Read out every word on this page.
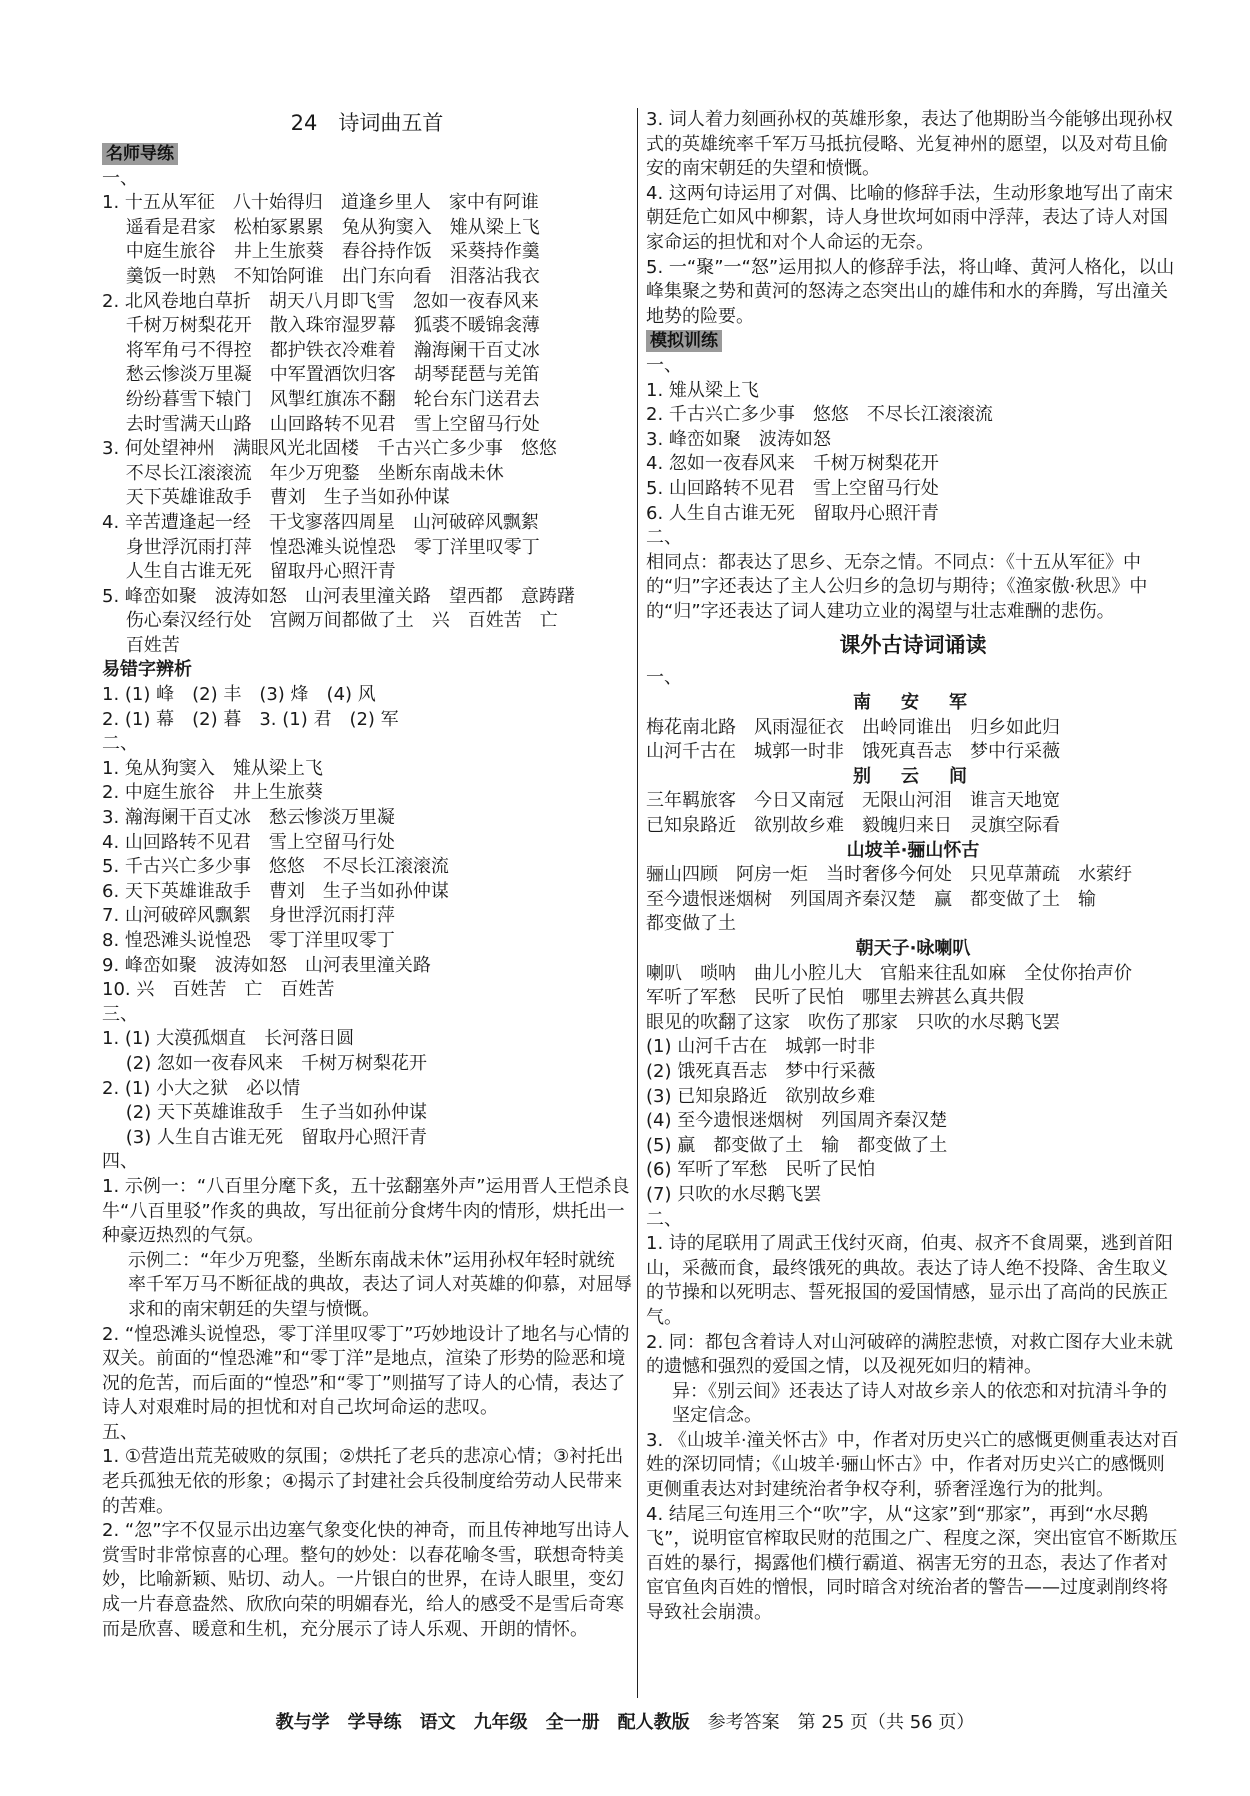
24　诗词曲五首
名师导练
一、
1. 十五从军征　八十始得归　道逢乡里人　家中有阿谁
　 遥看是君家　松柏冢累累　兔从狗窦入　雉从梁上飞
　 中庭生旅谷　井上生旅葵　舂谷持作饭　采葵持作羹
　 羹饭一时熟　不知饴阿谁　出门东向看　泪落沾我衣
2. 北风卷地白草折　胡天八月即飞雪　忽如一夜春风来
　 千树万树梨花开　散入珠帘湿罗幕　狐裘不暖锦衾薄
　 将军角弓不得控　都护铁衣冷难着　瀚海阑干百丈冰
　 愁云惨淡万里凝　中军置酒饮归客　胡琴琵琶与羌笛
　 纷纷暮雪下辕门　风掣红旗冻不翻　轮台东门送君去
　 去时雪满天山路　山回路转不见君　雪上空留马行处
3. 何处望神州　满眼风光北固楼　千古兴亡多少事　悠悠
　 不尽长江滚滚流　年少万兜鍪　坐断东南战未休
　 天下英雄谁敌手　曹刘　生子当如孙仲谋
4. 辛苦遭逢起一经　干戈寥落四周星　山河破碎风飘絮
　 身世浮沉雨打萍　惶恐滩头说惶恐　零丁洋里叹零丁
　 人生自古谁无死　留取丹心照汗青
5. 峰峦如聚　波涛如怒　山河表里潼关路　望西都　意踌躇
　 伤心秦汉经行处　宫阙万间都做了土　兴　百姓苦　亡
　 百姓苦
易错字辨析
1. (1) 峰　(2) 丰　(3) 烽　(4) 风
2. (1) 幕　(2) 暮　3. (1) 君　(2) 军
二、
1. 兔从狗窦入　雉从梁上飞
2. 中庭生旅谷　井上生旅葵
3. 瀚海阑干百丈冰　愁云惨淡万里凝
4. 山回路转不见君　雪上空留马行处
5. 千古兴亡多少事　悠悠　不尽长江滚滚流
6. 天下英雄谁敌手　曹刘　生子当如孙仲谋
7. 山河破碎风飘絮　身世浮沉雨打萍
8. 惶恐滩头说惶恐　零丁洋里叹零丁
9. 峰峦如聚　波涛如怒　山河表里潼关路
10. 兴　百姓苦　亡　百姓苦
三、
1. (1) 大漠孤烟直　长河落日圆
　 (2) 忽如一夜春风来　千树万树梨花开
2. (1) 小大之狱　必以情
　 (2) 天下英雄谁敌手　生子当如孙仲谋
　 (3) 人生自古谁无死　留取丹心照汗青
四、
1. 示例一：“八百里分麾下炙，五十弦翻塞外声”运用晋人王恺杀良牛“八百里驳”作炙的典故，写出征前分食烤牛肉的情形，烘托出一种豪迈热烈的气氛。
示例二：“年少万兜鍪，坐断东南战未休”运用孙权年轻时就统率千军万马不断征战的典故，表达了词人对英雄的仰慕，对屈辱求和的南宋朝廷的失望与愤慨。
2. “惶恐滩头说惶恐，零丁洋里叹零丁”巧妙地设计了地名与心情的双关。前面的“惶恐滩”和“零丁洋”是地点，渲染了形势的险恶和境况的危苦，而后面的“惶恐”和“零丁”则描写了诗人的心情，表达了诗人对艰难时局的担忧和对自己坎坷命运的悲叹。
五、
1. ①营造出荒芜破败的氛围；②烘托了老兵的悲凉心情；③衬托出老兵孤独无依的形象；④揭示了封建社会兵役制度给劳动人民带来的苦难。
2. “忽”字不仅显示出边塞气象变化快的神奇，而且传神地写出诗人赏雪时非常惊喜的心理。整句的妙处：以春花喻冬雪，联想奇特美妙，比喻新颖、贴切、动人。一片银白的世界，在诗人眼里，变幻成一片春意盎然、欣欣向荣的明媚春光，给人的感受不是雪后奇寒而是欣喜、暖意和生机，充分展示了诗人乐观、开朗的情怀。
3. 词人着力刻画孙权的英雄形象，表达了他期盼当今能够出现孙权式的英雄统率千军万马抵抗侵略、光复神州的愿望，以及对苟且偷安的南宋朝廷的失望和愤慨。
4. 这两句诗运用了对偶、比喻的修辞手法，生动形象地写出了南宋朝廷危亡如风中柳絮，诗人身世坎坷如雨中浮萍，表达了诗人对国家命运的担忧和对个人命运的无奈。
5. 一“聚”一“怒”运用拟人的修辞手法，将山峰、黄河人格化，以山峰集聚之势和黄河的怒涛之态突出山的雄伟和水的奔腾，写出潼关地势的险要。
模拟训练
一、
1. 雉从梁上飞
2. 千古兴亡多少事　悠悠　不尽长江滚滚流
3. 峰峦如聚　波涛如怒
4. 忽如一夜春风来　千树万树梨花开
5. 山回路转不见君　雪上空留马行处
6. 人生自古谁无死　留取丹心照汗青
二、
相同点：都表达了思乡、无奈之情。不同点：《十五从军征》中的“归”字还表达了主人公归乡的急切与期待；《渔家傲·秋思》中的“归”字还表达了词人建功立业的渴望与壮志难酬的悲伤。
课外古诗词诵读
一、
南　安　军
梅花南北路　风雨湿征衣　出岭同谁出　归乡如此归
山河千古在　城郭一时非　饿死真吾志　梦中行采薇
别　云　间
三年羁旅客　今日又南冠　无限山河泪　谁言天地宽
已知泉路近　欲别故乡难　毅魄归来日　灵旗空际看
山坡羊·骊山怀古
骊山四顾　阿房一炬　当时奢侈今何处　只见草萧疏　水萦纡
至今遗恨迷烟树　列国周齐秦汉楚　赢　都变做了土　输
都变做了土
朝天子·咏喇叭
喇叭　唢呐　曲儿小腔儿大　官船来往乱如麻　全仗你抬声价
军听了军愁　民听了民怕　哪里去辨甚么真共假
眼见的吹翻了这家　吹伤了那家　只吹的水尽鹅飞罢
(1) 山河千古在　城郭一时非
(2) 饿死真吾志　梦中行采薇
(3) 已知泉路近　欲别故乡难
(4) 至今遗恨迷烟树　列国周齐秦汉楚
(5) 赢　都变做了土　输　都变做了土
(6) 军听了军愁　民听了民怕
(7) 只吹的水尽鹅飞罢
二、
1. 诗的尾联用了周武王伐纣灭商，伯夷、叔齐不食周粟，逃到首阳山，采薇而食，最终饿死的典故。表达了诗人绝不投降、舍生取义的节操和以死明志、誓死报国的爱国情感，显示出了高尚的民族正气。
2. 同：都包含着诗人对山河破碎的满腔悲愤，对救亡图存大业未就的遗憾和强烈的爱国之情，以及视死如归的精神。
异：《别云间》还表达了诗人对故乡亲人的依恋和对抗清斗争的坚定信念。
3. 《山坡羊·潼关怀古》中，作者对历史兴亡的感慨更侧重表达对百姓的深切同情；《山坡羊·骊山怀古》中，作者对历史兴亡的感慨则更侧重表达对封建统治者争权夺利，骄奢淫逸行为的批判。
4. 结尾三句连用三个“吹”字，从“这家”到“那家”，再到“水尽鹅飞”，说明宦官榨取民财的范围之广、程度之深，突出宦官不断欺压百姓的暴行，揭露他们横行霸道、祸害无穷的丑态，表达了作者对宦官鱼肉百姓的憎恨，同时暗含对统治者的警告——过度剥削终将导致社会崩溃。
教与学　学导练　语文　九年级　全一册　配人教版　 参考答案　 第 25 页（共 56 页）
